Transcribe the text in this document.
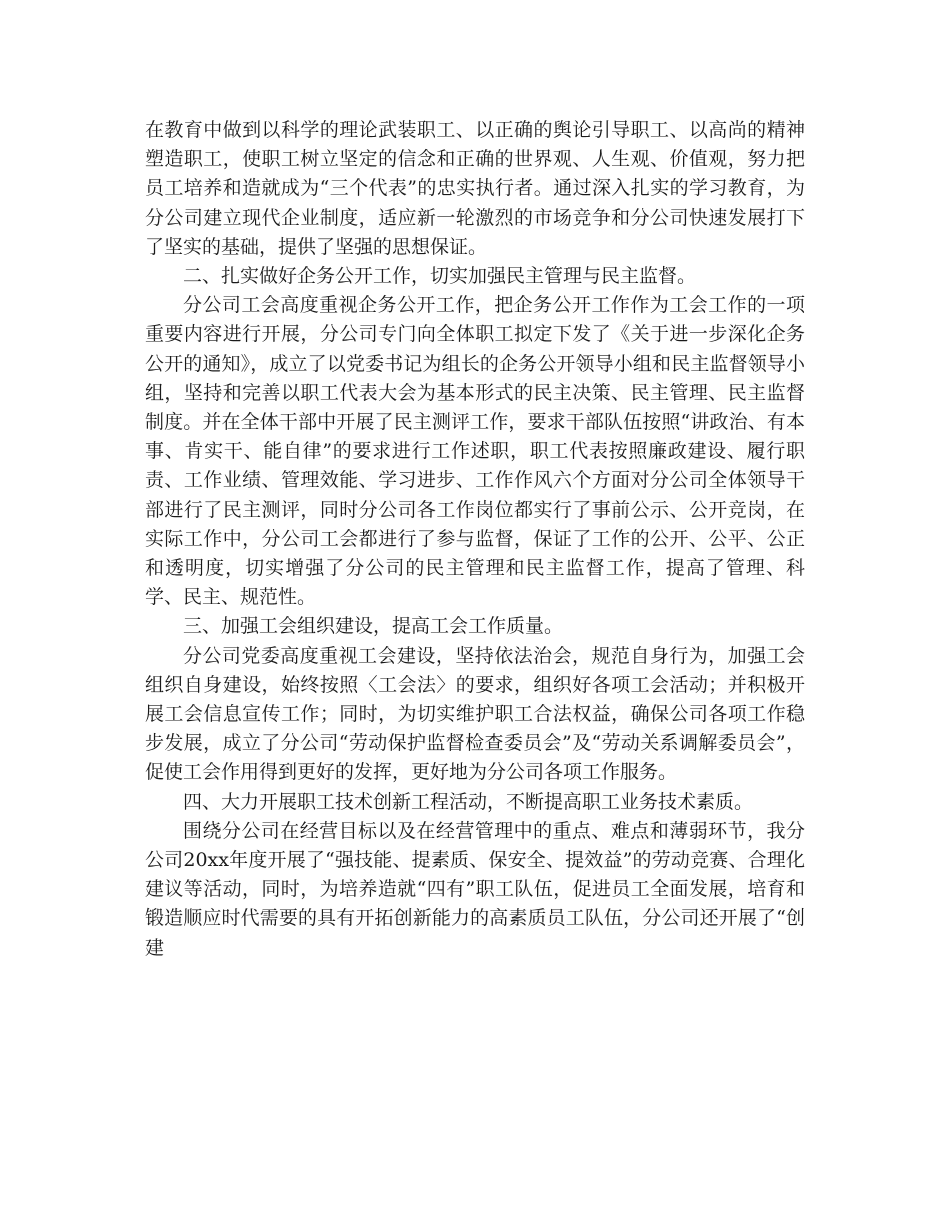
在教育中做到以科学的理论武装职工、以正确的舆论引导职工、以高尚的精神塑造职工，使职工树立坚定的信念和正确的世界观、人生观、价值观，努力把员工培养和造就成为“三个代表”的忠实执行者。通过深入扎实的学习教育，为分公司建立现代企业制度，适应新一轮激烈的市场竞争和分公司快速发展打下了坚实的基础，提供了坚强的思想保证。

二、扎实做好企务公开工作，切实加强民主管理与民主监督。

分公司工会高度重视企务公开工作，把企务公开工作作为工会工作的一项重要内容进行开展，分公司专门向全体职工拟定下发了《关于进一步深化企务公开的通知》，成立了以党委书记为组长的企务公开领导小组和民主监督领导小组，坚持和完善以职工代表大会为基本形式的民主决策、民主管理、民主监督制度。并在全体干部中开展了民主测评工作，要求干部队伍按照“讲政治、有本事、肯实干、能自律”的要求进行工作述职，职工代表按照廉政建设、履行职责、工作业绩、管理效能、学习进步、工作作风六个方面对分公司全体领导干部进行了民主测评，同时分公司各工作岗位都实行了事前公示、公开竞岗，在实际工作中，分公司工会都进行了参与监督，保证了工作的公开、公平、公正和透明度，切实增强了分公司的民主管理和民主监督工作，提高了管理、科学、民主、规范性。

三、加强工会组织建设，提高工会工作质量。

分公司党委高度重视工会建设，坚持依法治会，规范自身行为，加强工会组织自身建设，始终按照〈工会法〉的要求，组织好各项工会活动；并积极开展工会信息宣传工作；同时，为切实维护职工合法权益，确保公司各项工作稳步发展，成立了分公司“劳动保护监督检查委员会”及“劳动关系调解委员会”，促使工会作用得到更好的发挥，更好地为分公司各项工作服务。

四、大力开展职工技术创新工程活动，不断提高职工业务技术素质。

围绕分公司在经营目标以及在经营管理中的重点、难点和薄弱环节，我分公司20xx年度开展了“强技能、提素质、保安全、提效益”的劳动竞赛、合理化建议等活动，同时，为培养造就“四有”职工队伍，促进员工全面发展，培育和锻造顺应时代需要的具有开拓创新能力的高素质员工队伍，分公司还开展了“创建
